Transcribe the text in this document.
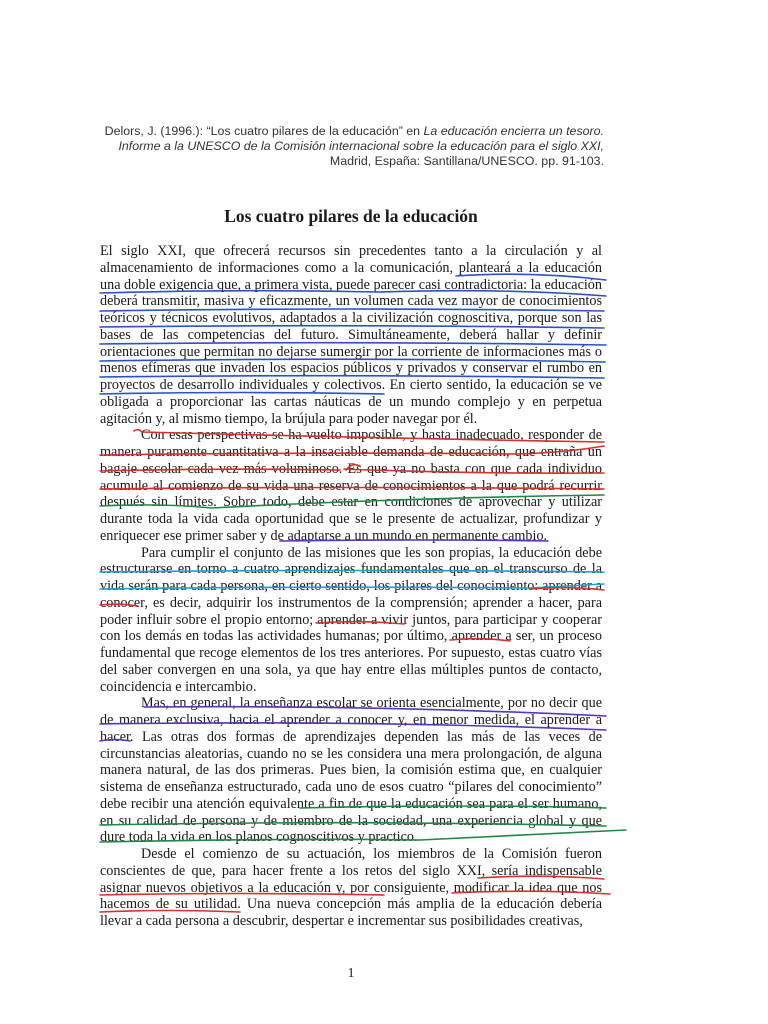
Delors, J. (1996.): “Los cuatro pilares de la educación” en La educación encierra un tesoro.
Informe a la UNESCO de la Comisión internacional sobre la educación para el siglo XXI,
Madrid, España: Santillana/UNESCO. pp. 91-103.
Los cuatro pilares de la educación
El siglo XXI, que ofrecerá recursos sin precedentes tanto a la circulación y al
almacenamiento de informaciones como a la comunicación, planteará a la educación
una doble exigencia que, a primera vista, puede parecer casi contradictoria: la educación
deberá transmitir, masiva y eficazmente, un volumen cada vez mayor de conocimientos
teóricos y técnicos evolutivos, adaptados a la civilización cognoscitiva, porque son las
bases de las competencias del futuro. Simultáneamente, deberá hallar y definir
orientaciones que permitan no dejarse sumergir por la corriente de informaciones más o
menos efímeras que invaden los espacios públicos y privados y conservar el rumbo en
proyectos de desarrollo individuales y colectivos. En cierto sentido, la educación se ve
obligada a proporcionar las cartas náuticas de un mundo complejo y en perpetua
agitación y, al mismo tiempo, la brújula para poder navegar por él.
Con esas perspectivas se ha vuelto imposible, y hasta inadecuado, responder de
manera puramente cuantitativa a la insaciable demanda de educación, que entraña un
bagaje escolar cada vez más voluminoso. Es que ya no basta con que cada individuo
acumule al comienzo de su vida una reserva de conocimientos a la que podrá recurrir
después sin límites. Sobre todo, debe estar en condiciones de aprovechar y utilizar
durante toda la vida cada oportunidad que se le presente de actualizar, profundizar y
enriquecer ese primer saber y de adaptarse a un mundo en permanente cambio.
Para cumplir el conjunto de las misiones que les son propias, la educación debe
estructurarse en torno a cuatro aprendizajes fundamentales que en el transcurso de la
vida serán para cada persona, en cierto sentido, los pilares del conocimiento: aprender a
conocer, es decir, adquirir los instrumentos de la comprensión; aprender a hacer, para
poder influir sobre el propio entorno; aprender a vivir juntos, para participar y cooperar
con los demás en todas las actividades humanas; por último, aprender a ser, un proceso
fundamental que recoge elementos de los tres anteriores. Por supuesto, estas cuatro vías
del saber convergen en una sola, ya que hay entre ellas múltiples puntos de contacto,
coincidencia e intercambio.
Mas, en general, la enseñanza escolar se orienta esencialmente, por no decir que
de manera exclusiva, hacia el aprender a conocer y, en menor medida, el aprender a
hacer. Las otras dos formas de aprendizajes dependen las más de las veces de
circunstancias aleatorias, cuando no se les considera una mera prolongación, de alguna
manera natural, de las dos primeras. Pues bien, la comisión estima que, en cualquier
sistema de enseñanza estructurado, cada uno de esos cuatro “pilares del conocimiento”
debe recibir una atención equivalente a fin de que la educación sea para el ser humano,
en su calidad de persona y de miembro de la sociedad, una experiencia global y que
dure toda la vida en los planos cognoscitivos y practico.
Desde el comienzo de su actuación, los miembros de la Comisión fueron
conscientes de que, para hacer frente a los retos del siglo XXI, sería indispensable
asignar nuevos objetivos a la educación y, por consiguiente, modificar la idea que nos
hacemos de su utilidad. Una nueva concepción más amplia de la educación debería
llevar a cada persona a descubrir, despertar e incrementar sus posibilidades creativas,
1
